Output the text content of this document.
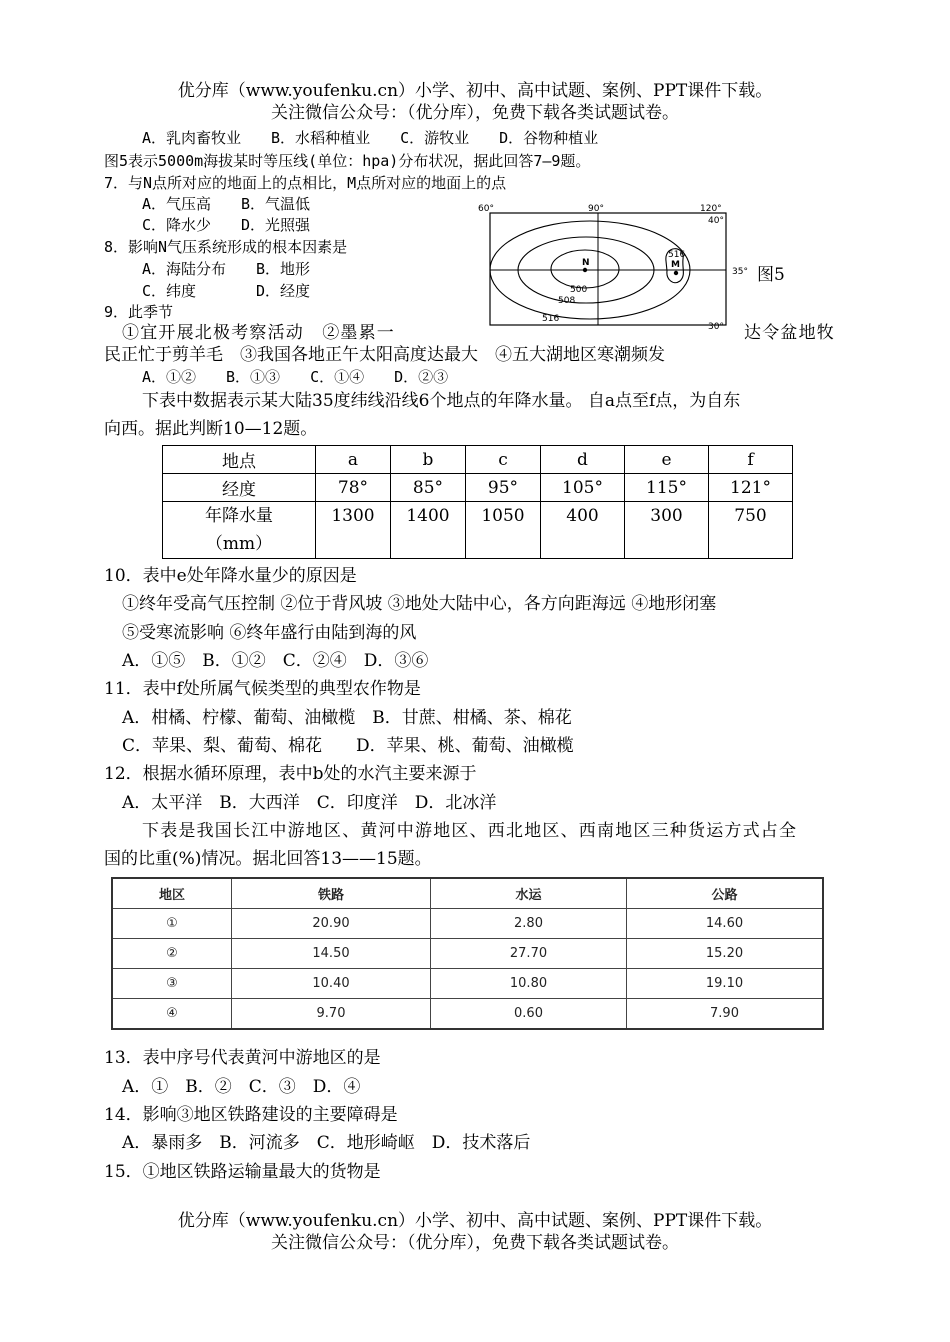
优分库（www.youfenku.cn）小学、初中、高中试题、案例、PPT课件下载。
关注微信公众号：（优分库），免费下载各类试题试卷。
A．乳肉畜牧业　　B．水稻种植业　　C．游牧业　　D．谷物种植业
图5表示5000m海拔某时等压线(单位：hpa)分布状况，据此回答7—9题。
7．与N点所对应的地面上的点相比，M点所对应的地面上的点
A．气压高　　B．气温低
C．降水少　　D．光照强
8．影响N气压系统形成的根本因素是
A．海陆分布　　B．地形
C．纬度　　　　D．经度
9．此季节
①宜开展北极考察活动　②墨累一	达令盆地牧
民正忙于剪羊毛　③我国各地正午太阳高度达最大　④五大湖地区寒潮频发
A．①②　　B．①③　　C．①④　　D．②③
60°	90°	120°
40°
35°
30°
N	M
500
508
516
516
图5
下表中数据表示某大陆35度纬线沿线6个地点的年降水量。 自a点至f点，为自东
向西。据此判断10—12题。
地点	a	b	c	d	e	f
经度	78°	85°	95°	105°	115°	121°

年降水量
（mm）	1300	1400	1050	400	300	750
10．表中e处年降水量少的原因是
①终年受高气压控制 ②位于背风坡 ③地处大陆中心，各方向距海远 ④地形闭塞
⑤受寒流影响 ⑥终年盛行由陆到海的风
A．①⑤　B．①②　C．②④　D．③⑥
11．表中f处所属气候类型的典型农作物是
A．柑橘、柠檬、葡萄、油橄榄　B．甘蔗、柑橘、茶、棉花
C．苹果、梨、葡萄、棉花　　D．苹果、桃、葡萄、油橄榄
12．根据水循环原理，表中b处的水汽主要来源于
A．太平洋　B．大西洋　C．印度洋　D．北冰洋
下表是我国长江中游地区、黄河中游地区、西北地区、西南地区三种货运方式占全
国的比重(%)情况。据北回答13——15题。
地区	铁路	水运	公路
①	20.90	2.80	14.60
②	14.50	27.70	15.20
③	10.40	10.80	19.10
④	9.70	0.60	7.90
13．表中序号代表黄河中游地区的是
A．①　B．②　C．③　D．④
14．影响③地区铁路建设的主要障碍是
A．暴雨多　B．河流多　C．地形崎岖　D．技术落后
15．①地区铁路运输量最大的货物是
优分库（www.youfenku.cn）小学、初中、高中试题、案例、PPT课件下载。
关注微信公众号：（优分库），免费下载各类试题试卷。
